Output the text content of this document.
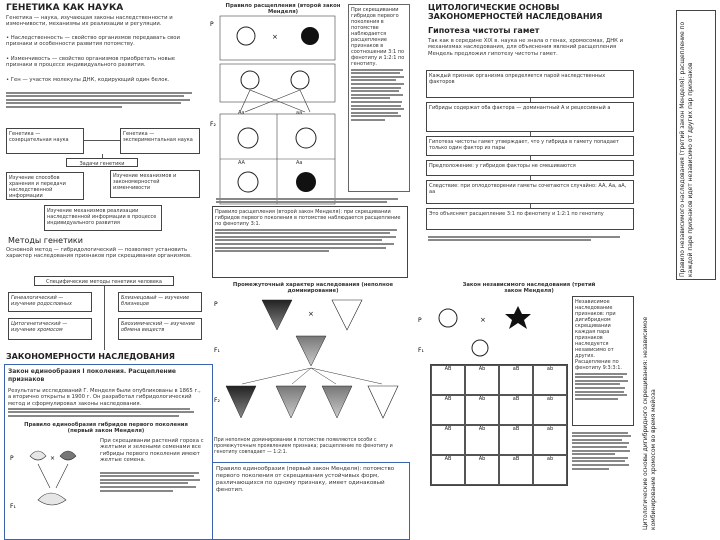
ГЕНЕТИКА КАК НАУКА
Генетика — наука, изучающая законы наследственности и изменчивости, механизмы их реализации и регуляции.
• Наследственность — свойство организмов передавать свои признаки и особенности развития потомству.
• Изменчивость — свойство организмов приобретать новые признаки в процессе индивидуального развития.
• Ген — участок молекулы ДНК, кодирующий один белок.
Генетика — созерцательная наука
Генетика — экспериментальная наука
Задачи генетики
Изучение способов хранения и передачи наследственной информации
Изучение механизмов и закономерностей изменчивости
Изучение механизмов реализации наследственной информации в процессе индивидуального развития
Методы генетики
Основной метод — гибридологический — позволяет установить характер наследования признаков при скрещивании организмов.
Специфические методы генетики человека
Генеалогический — изучение родословных
Цитогенетический — изучение хромосом
Близнецовый — изучение близнецов
Биохимический — изучение обмена веществ
ЗАКОНОМЕРНОСТИ НАСЛЕДОВАНИЯ
Закон единообразия I поколения. Расщепление признаков
Результаты исследований Г. Менделя были опубликованы в 1865 г., а вторично открыты в 1900 г. Он разработал гибридологический метод и сформулировал законы наследования.
Правило единообразия гибридов первого поколения (первый закон Менделя)
P
F₁
×
При скрещивании растений гороха с желтыми и зелеными семенами все гибриды первого поколения имеют желтые семена.
Правило расщепления (второй закон Менделя)
P
×
F₂
Aa	aa
AA	Aa
При скрещивании гибридов первого поколения в потомстве наблюдается расщепление признаков в соотношении 3:1 по фенотипу и 1:2:1 по генотипу.
Правило расщепления (второй закон Менделя): при скрещивании гибридов первого поколения в потомстве наблюдается расщепление по фенотипу 3:1.
Промежуточный характер наследования (неполное доминирование)
P
×
F₁
F₂
При неполном доминировании в потомстве появляются особи с промежуточным проявлением признака; расщепление по фенотипу и генотипу совпадает — 1:2:1.
Правило единообразия (первый закон Менделя): потомство первого поколения от скрещивания устойчивых форм, различающихся по одному признаку, имеет одинаковый фенотип.
ЦИТОЛОГИЧЕСКИЕ ОСНОВЫ ЗАКОНОМЕРНОСТЕЙ НАСЛЕДОВАНИЯ
Гипотеза чистоты гамет
Так как в середине XIX в. наука не знала о генах, хромосомах, ДНК и механизмах наследования, для объяснения явлений расщепления Мендель предложил гипотезу чистоты гамет.
Каждый признак организма определяется парой наследственных факторов
Гибриды содержат оба фактора — доминантный A и рецессивный a
Гипотеза чистоты гамет утверждает, что у гибрида в гамету попадает только один фактор из пары
Предположение: у гибридов факторы не смешиваются
Следствие: при оплодотворении гаметы сочетаются случайно: AA, Aa, aA, aa
Это объясняет расщепление 3:1 по фенотипу и 1:2:1 по генотипу
Закон независимого наследования (третий закон Менделя)
P	×
F₁
Независимое наследование признаков: при дигибридном скрещивании каждая пара признаков наследуется независимо от других. Расщепление по фенотипу 9:3:3:1.
AB	Ab	aB	ab
AB	Ab	aB	ab
AB	Ab	aB	ab
AB	Ab	aB	ab	Цитологические основы дигибридного скрещивания: независимое комбинирование хромосом во время мейоза
Правило независимого наследования (третий закон Менделя): расщепление по каждой паре признаков идет независимо от других пар признаков
